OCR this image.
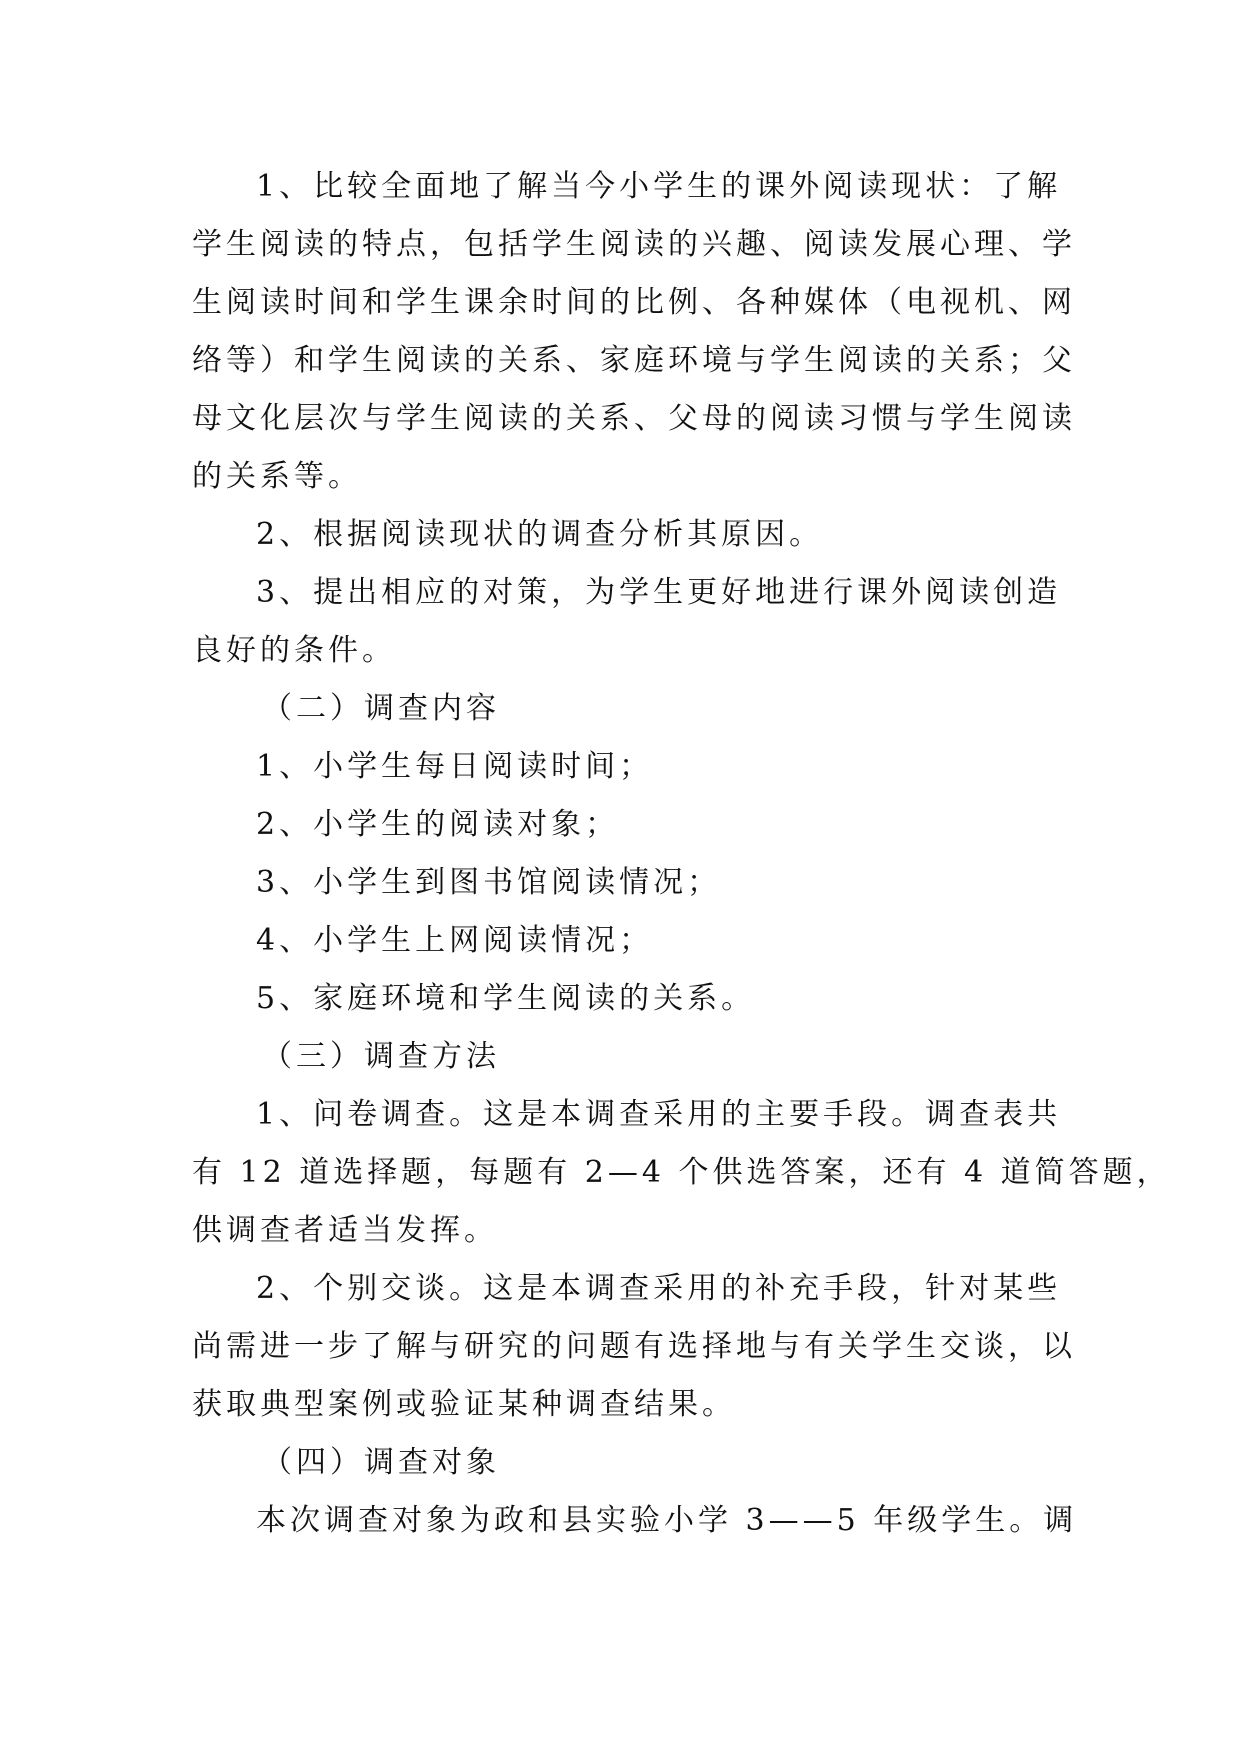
1、比较全面地了解当今小学生的课外阅读现状：了解
学生阅读的特点，包括学生阅读的兴趣、阅读发展心理、学
生阅读时间和学生课余时间的比例、各种媒体（电视机、网
络等）和学生阅读的关系、家庭环境与学生阅读的关系；父
母文化层次与学生阅读的关系、父母的阅读习惯与学生阅读
的关系等。

2、根据阅读现状的调查分析其原因。

3、提出相应的对策，为学生更好地进行课外阅读创造
良好的条件。

（二）调查内容

1、小学生每日阅读时间；
2、小学生的阅读对象；
3、小学生到图书馆阅读情况；
4、小学生上网阅读情况；
5、家庭环境和学生阅读的关系。

（三）调查方法

1、问卷调查。这是本调查采用的主要手段。调查表共
有 12 道选择题，每题有 2—4 个供选答案，还有 4 道简答题，
供调查者适当发挥。

2、个别交谈。这是本调查采用的补充手段，针对某些
尚需进一步了解与研究的问题有选择地与有关学生交谈，以
获取典型案例或验证某种调查结果。

（四）调查对象

本次调查对象为政和县实验小学 3——5 年级学生。调
